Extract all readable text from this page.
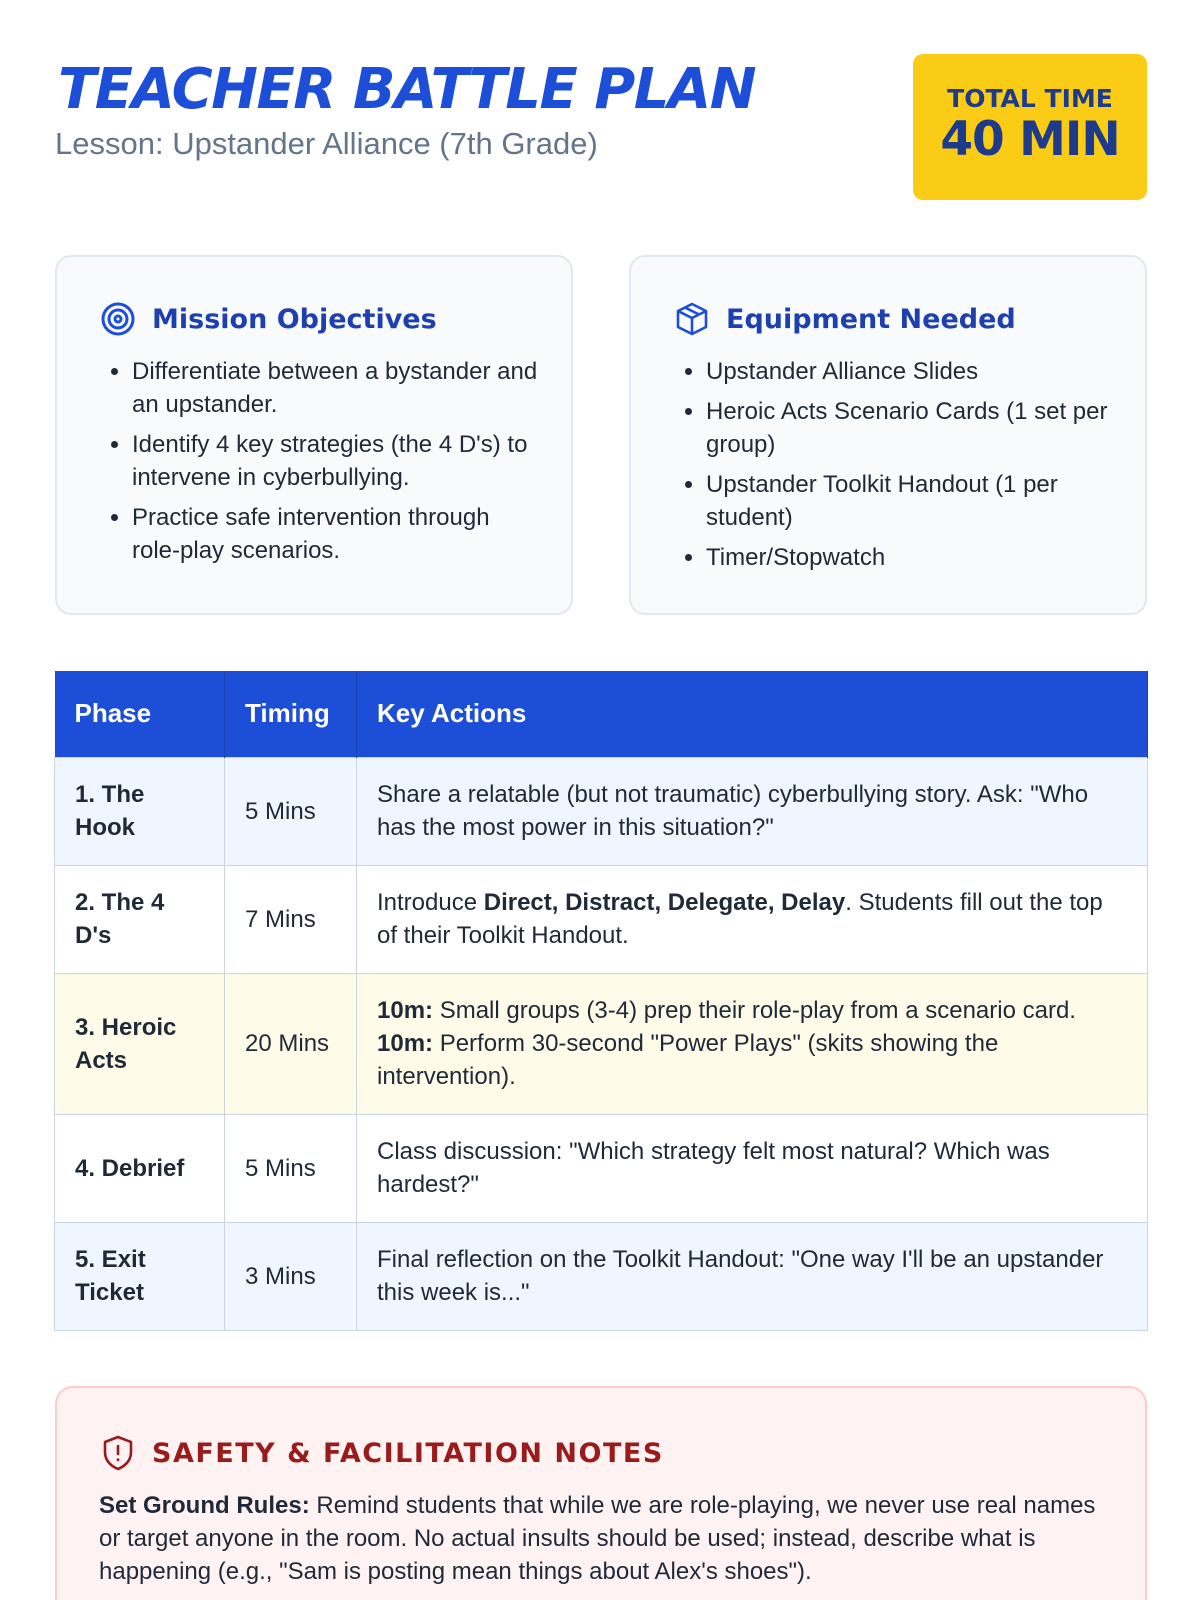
TEACHER BATTLE PLAN
Lesson: Upstander Alliance (7th Grade)
TOTAL TIME
40 MIN
Mission Objectives
• Differentiate between a bystander and an upstander.
• Identify 4 key strategies (the 4 D's) to intervene in cyberbullying.
• Practice safe intervention through role-play scenarios.
Equipment Needed
• Upstander Alliance Slides
• Heroic Acts Scenario Cards (1 set per group)
• Upstander Toolkit Handout (1 per student)
• Timer/Stopwatch
Phase	Timing	Key Actions
1. The Hook	5 Mins	Share a relatable (but not traumatic) cyberbullying story. Ask: "Who has the most power in this situation?"
2. The 4 D's	7 Mins	Introduce Direct, Distract, Delegate, Delay. Students fill out the top of their Toolkit Handout.
3. Heroic Acts	20 Mins	10m: Small groups (3-4) prep their role-play from a scenario card.
10m: Perform 30-second "Power Plays" (skits showing the intervention).
4. Debrief	5 Mins	Class discussion: "Which strategy felt most natural? Which was hardest?"
5. Exit Ticket	3 Mins	Final reflection on the Toolkit Handout: "One way I'll be an upstander this week is..."
SAFETY & FACILITATION NOTES
Set Ground Rules: Remind students that while we are role-playing, we never use real names or target anyone in the room. No actual insults should be used; instead, describe what is happening (e.g., "Sam is posting mean things about Alex's shoes").
